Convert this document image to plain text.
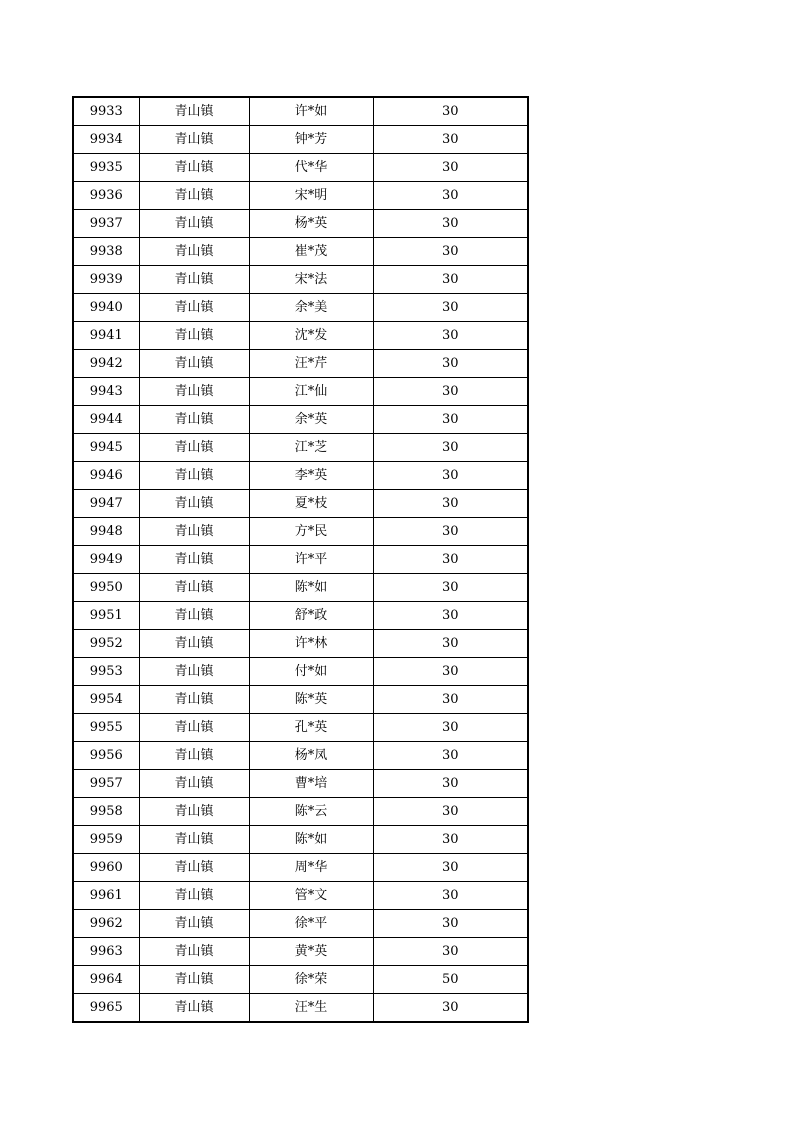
9933	青山镇	许*如	30
9934	青山镇	钟*芳	30
9935	青山镇	代*华	30
9936	青山镇	宋*明	30
9937	青山镇	杨*英	30
9938	青山镇	崔*茂	30
9939	青山镇	宋*法	30
9940	青山镇	余*美	30
9941	青山镇	沈*发	30
9942	青山镇	汪*芹	30
9943	青山镇	江*仙	30
9944	青山镇	余*英	30
9945	青山镇	江*芝	30
9946	青山镇	李*英	30
9947	青山镇	夏*枝	30
9948	青山镇	方*民	30
9949	青山镇	许*平	30
9950	青山镇	陈*如	30
9951	青山镇	舒*政	30
9952	青山镇	许*林	30
9953	青山镇	付*如	30
9954	青山镇	陈*英	30
9955	青山镇	孔*英	30
9956	青山镇	杨*凤	30
9957	青山镇	曹*培	30
9958	青山镇	陈*云	30
9959	青山镇	陈*如	30
9960	青山镇	周*华	30
9961	青山镇	管*文	30
9962	青山镇	徐*平	30
9963	青山镇	黄*英	30
9964	青山镇	徐*荣	50
9965	青山镇	汪*生	30
